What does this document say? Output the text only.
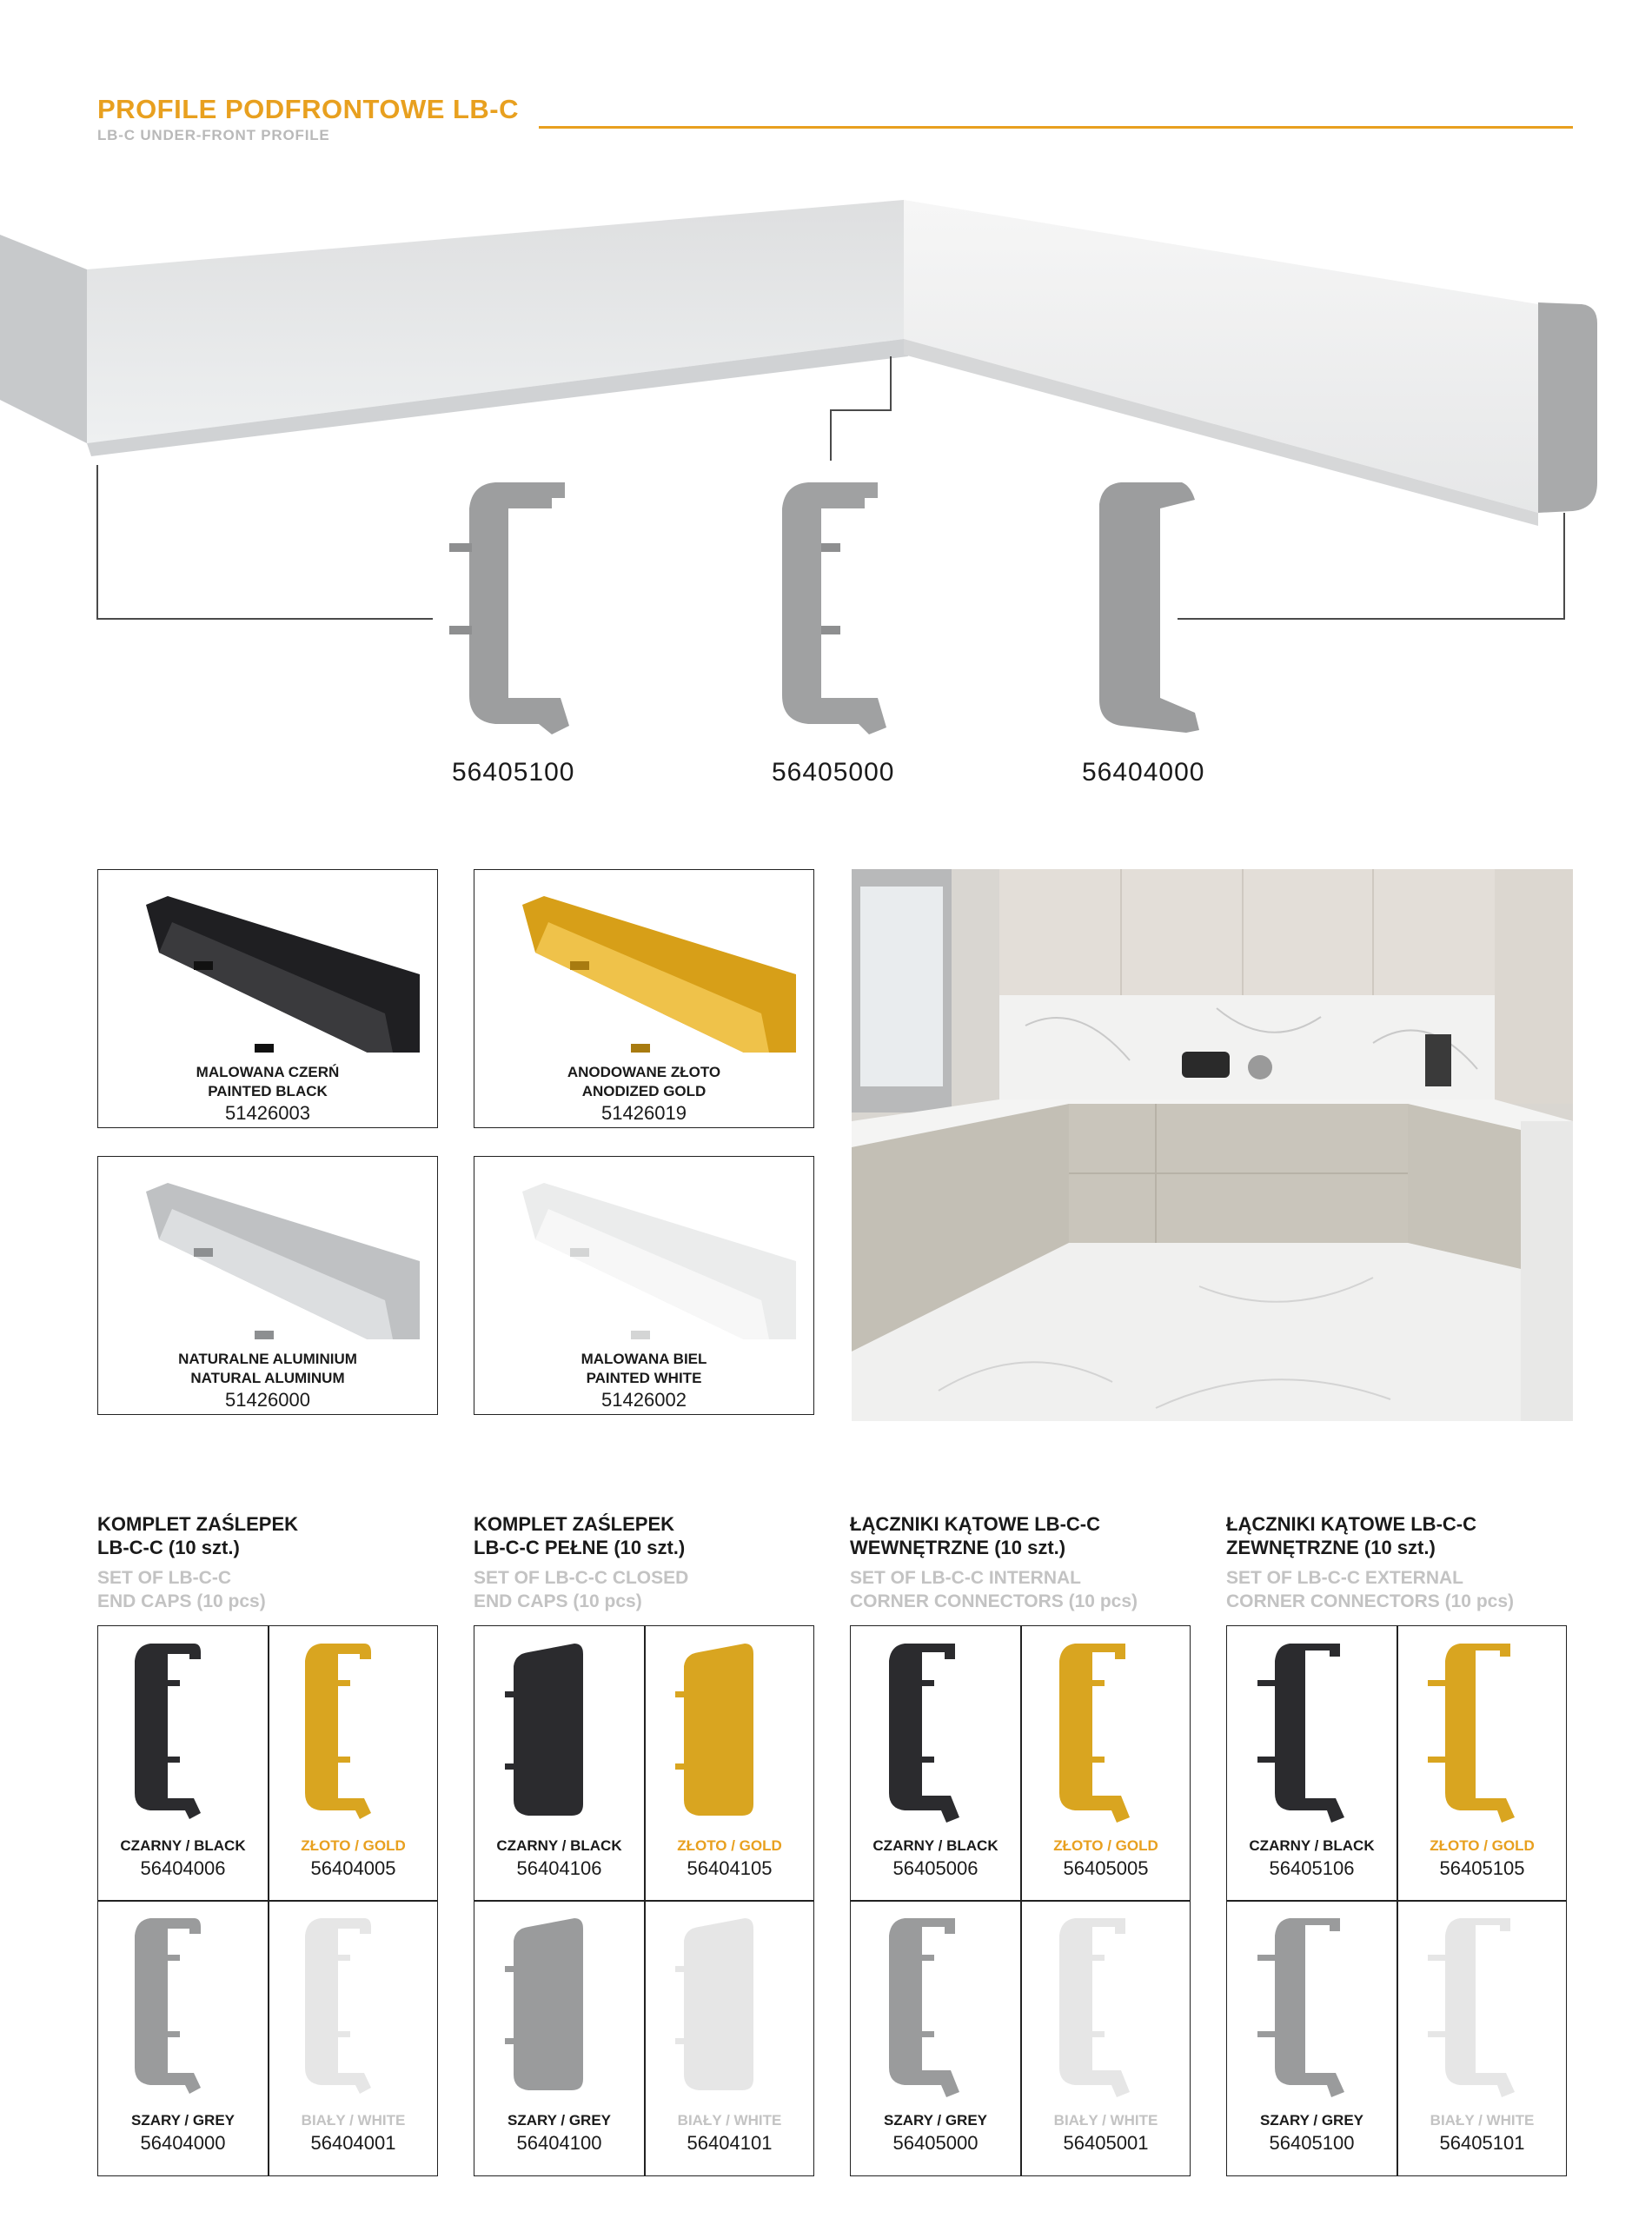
PROFILE PODFRONTOWE LB-C
LB-C UNDER-FRONT PROFILE
56405100	56405000	56404000
MALOWANA CZERŃ
PAINTED BLACK
51426003
ANODOWANE ZŁOTO
ANODIZED GOLD
51426019
NATURALNE ALUMINIUM
NATURAL ALUMINUM
51426000
MALOWANA BIEL
PAINTED WHITE
51426002
KOMPLET ZAŚLEPEK
LB-C-C (10 szt.)
SET OF LB-C-C
END CAPS (10 pcs)
CZARNY / BLACK
56404006
ZŁOTO / GOLD
56404005
SZARY / GREY
56404000
BIAŁY / WHITE
56404001
KOMPLET ZAŚLEPEK
LB-C-C PEŁNE (10 szt.)
SET OF LB-C-C CLOSED
END CAPS (10 pcs)
CZARNY / BLACK
56404106
ZŁOTO / GOLD
56404105
SZARY / GREY
56404100
BIAŁY / WHITE
56404101
ŁĄCZNIKI KĄTOWE LB-C-C
WEWNĘTRZNE (10 szt.)
SET OF LB-C-C INTERNAL
CORNER CONNECTORS (10 pcs)
CZARNY / BLACK
56405006
ZŁOTO / GOLD
56405005
SZARY / GREY
56405000
BIAŁY / WHITE
56405001
ŁĄCZNIKI KĄTOWE LB-C-C
ZEWNĘTRZNE (10 szt.)
SET OF LB-C-C EXTERNAL
CORNER CONNECTORS (10 pcs)
CZARNY / BLACK
56405106
ZŁOTO / GOLD
56405105
SZARY / GREY
56405100
BIAŁY / WHITE
56405101
